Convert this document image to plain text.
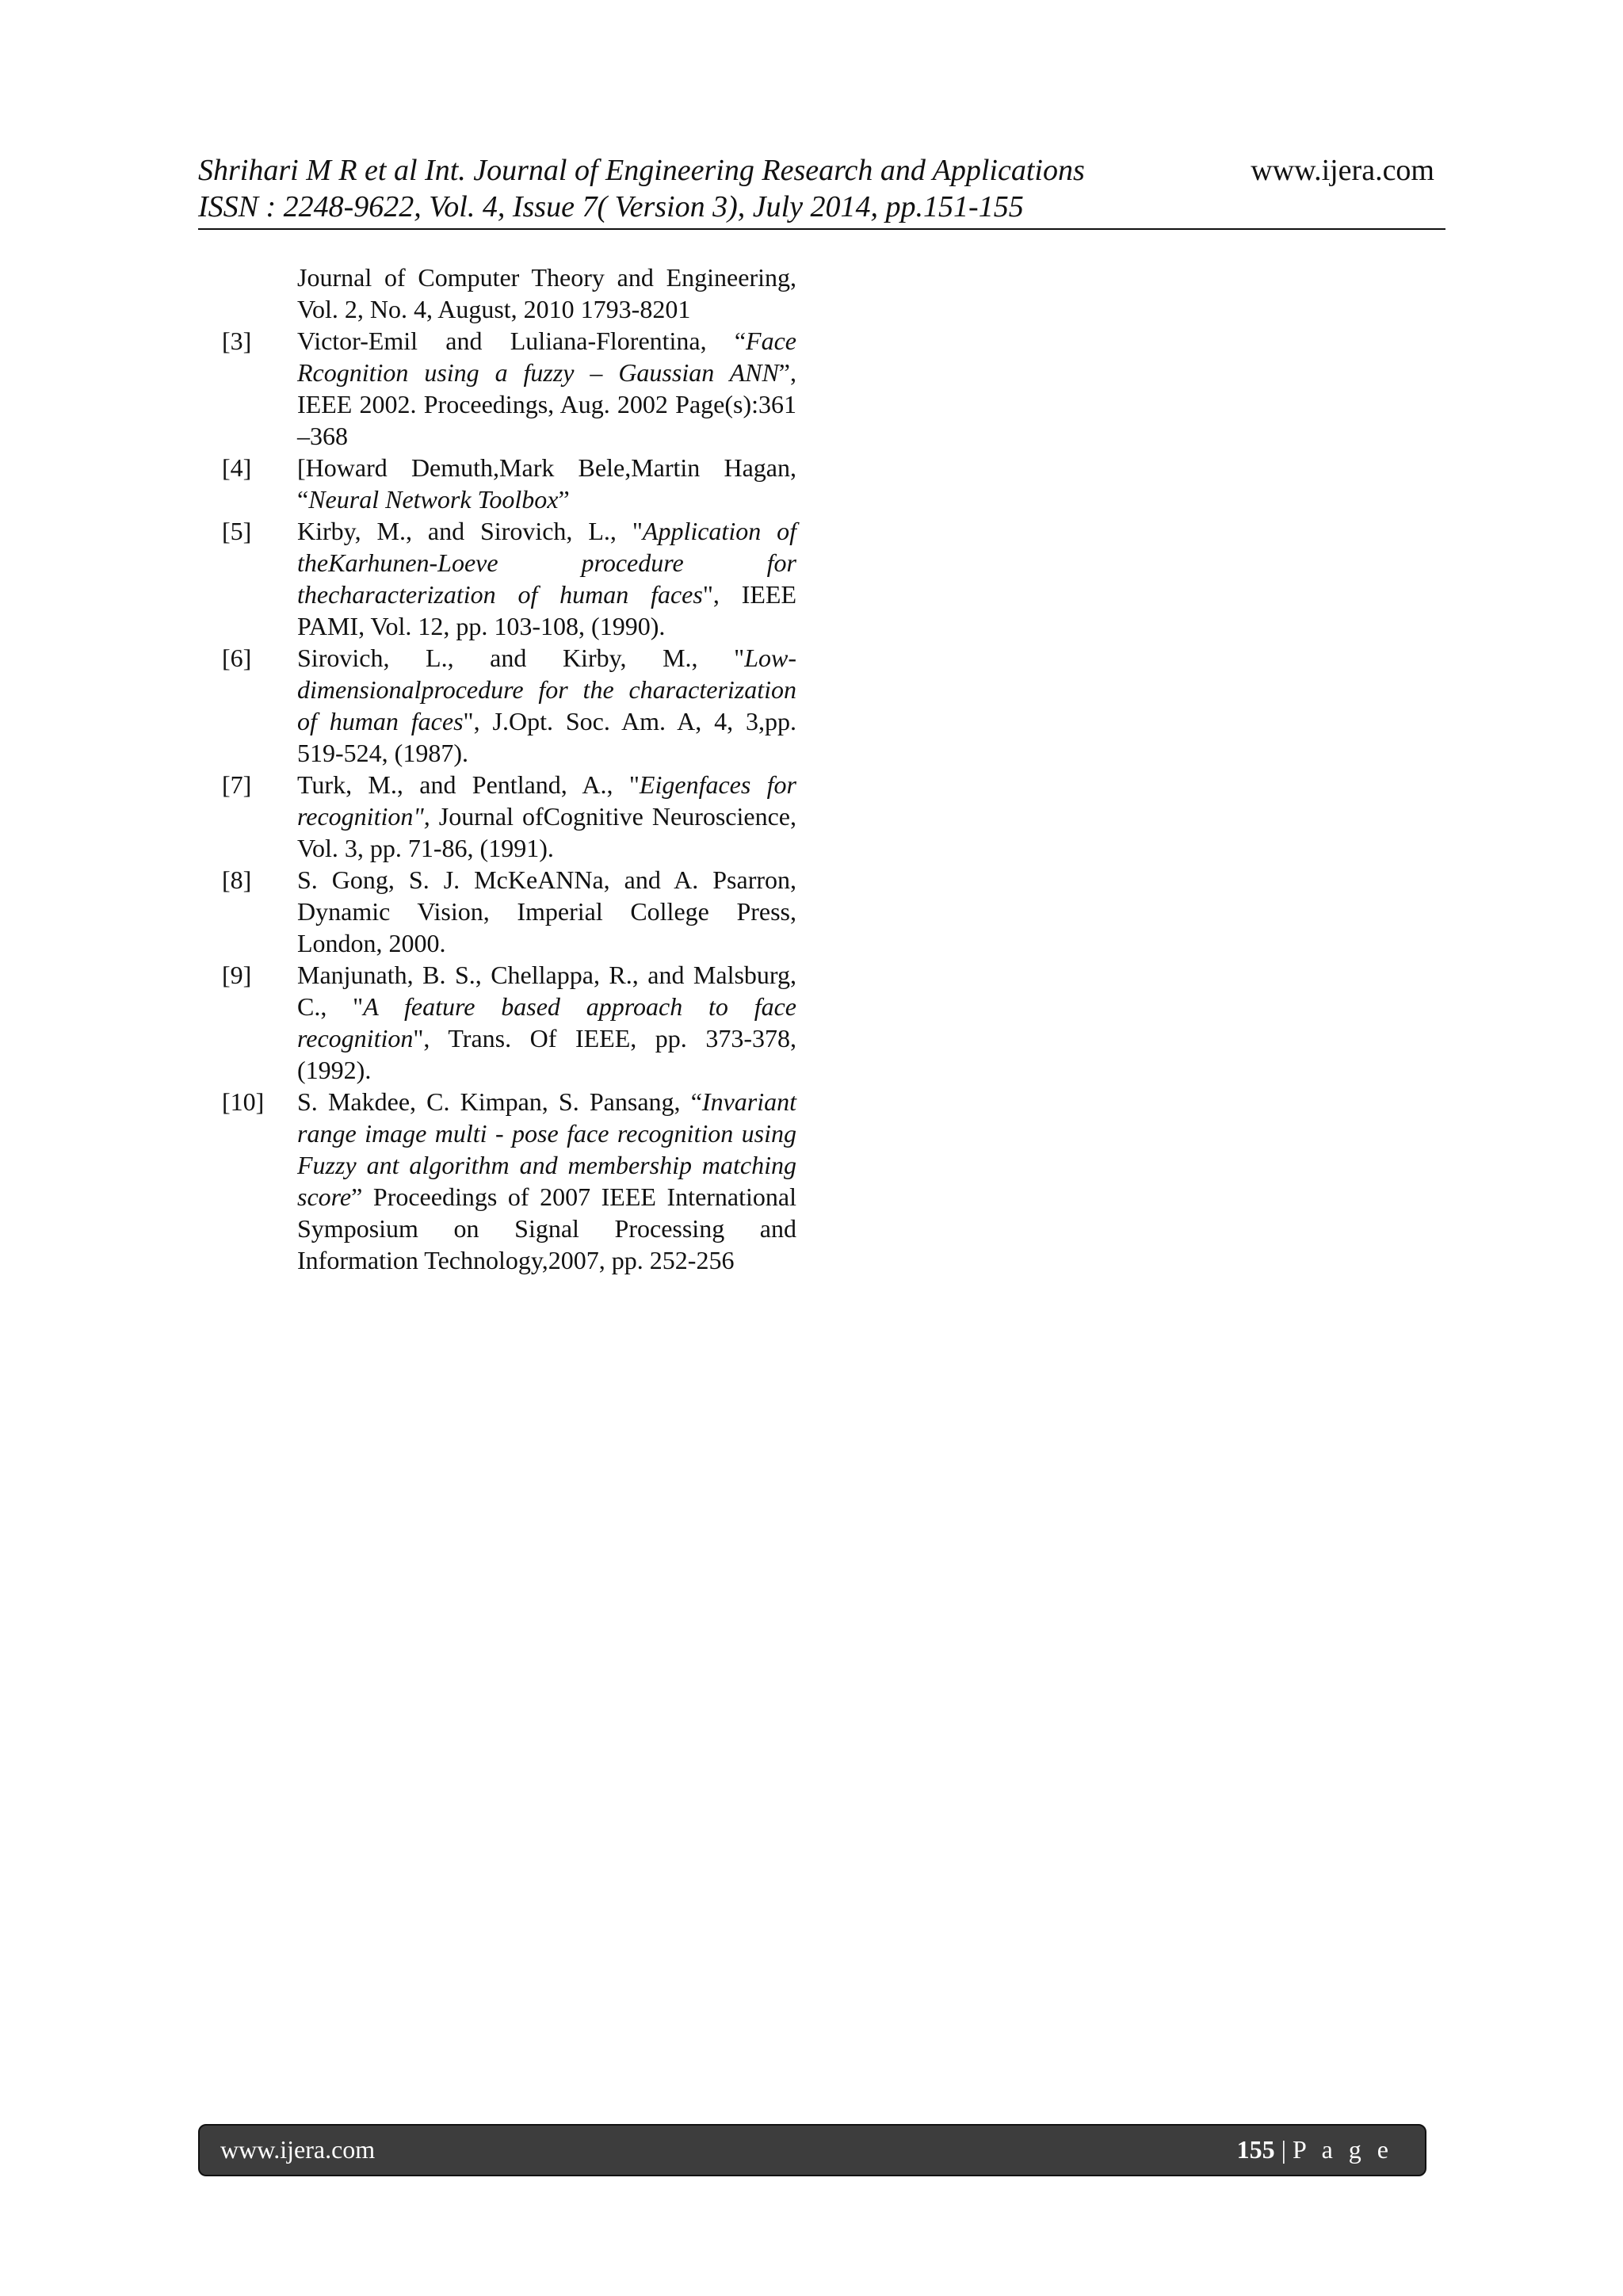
Shrihari M R et al Int. Journal of Engineering Research and Applications
ISSN : 2248-9622, Vol. 4, Issue 7( Version 3), July 2014, pp.151-155
www.ijera.com
Journal of Computer Theory and Engineering, Vol. 2, No. 4, August, 2010 1793-8201
[3]	Victor-Emil and Luliana-Florentina, “Face Rcognition using a fuzzy – Gaussian ANN”, IEEE 2002. Proceedings, Aug. 2002 Page(s):361 –368
[4]	[Howard Demuth,Mark Bele,Martin Hagan, “Neural Network Toolbox”
[5]	Kirby, M., and Sirovich, L., "Application of theKarhunen-Loeve procedure for thecharacterization of human faces", IEEE PAMI, Vol. 12, pp. 103-108, (1990).
[6]	Sirovich, L., and Kirby, M., "Low-dimensionalprocedure for the characterization of human faces", J.Opt. Soc. Am. A, 4, 3,pp. 519-524, (1987).
[7]	Turk, M., and Pentland, A., "Eigenfaces for recognition", Journal ofCognitive Neuroscience, Vol. 3, pp. 71-86, (1991).
[8]	S. Gong, S. J. McKeANNa, and A. Psarron, Dynamic Vision, Imperial College Press, London, 2000.
[9]	Manjunath, B. S., Chellappa, R., and Malsburg, C., "A feature based approach to face recognition", Trans. Of IEEE, pp. 373-378, (1992).
[10]	S. Makdee, C. Kimpan, S. Pansang, “Invariant range image multi - pose face recognition using Fuzzy ant algorithm and membership matching score” Proceedings of 2007 IEEE International Symposium on Signal Processing and Information Technology,2007, pp. 252-256
www.ijera.com	155 | P a g e
